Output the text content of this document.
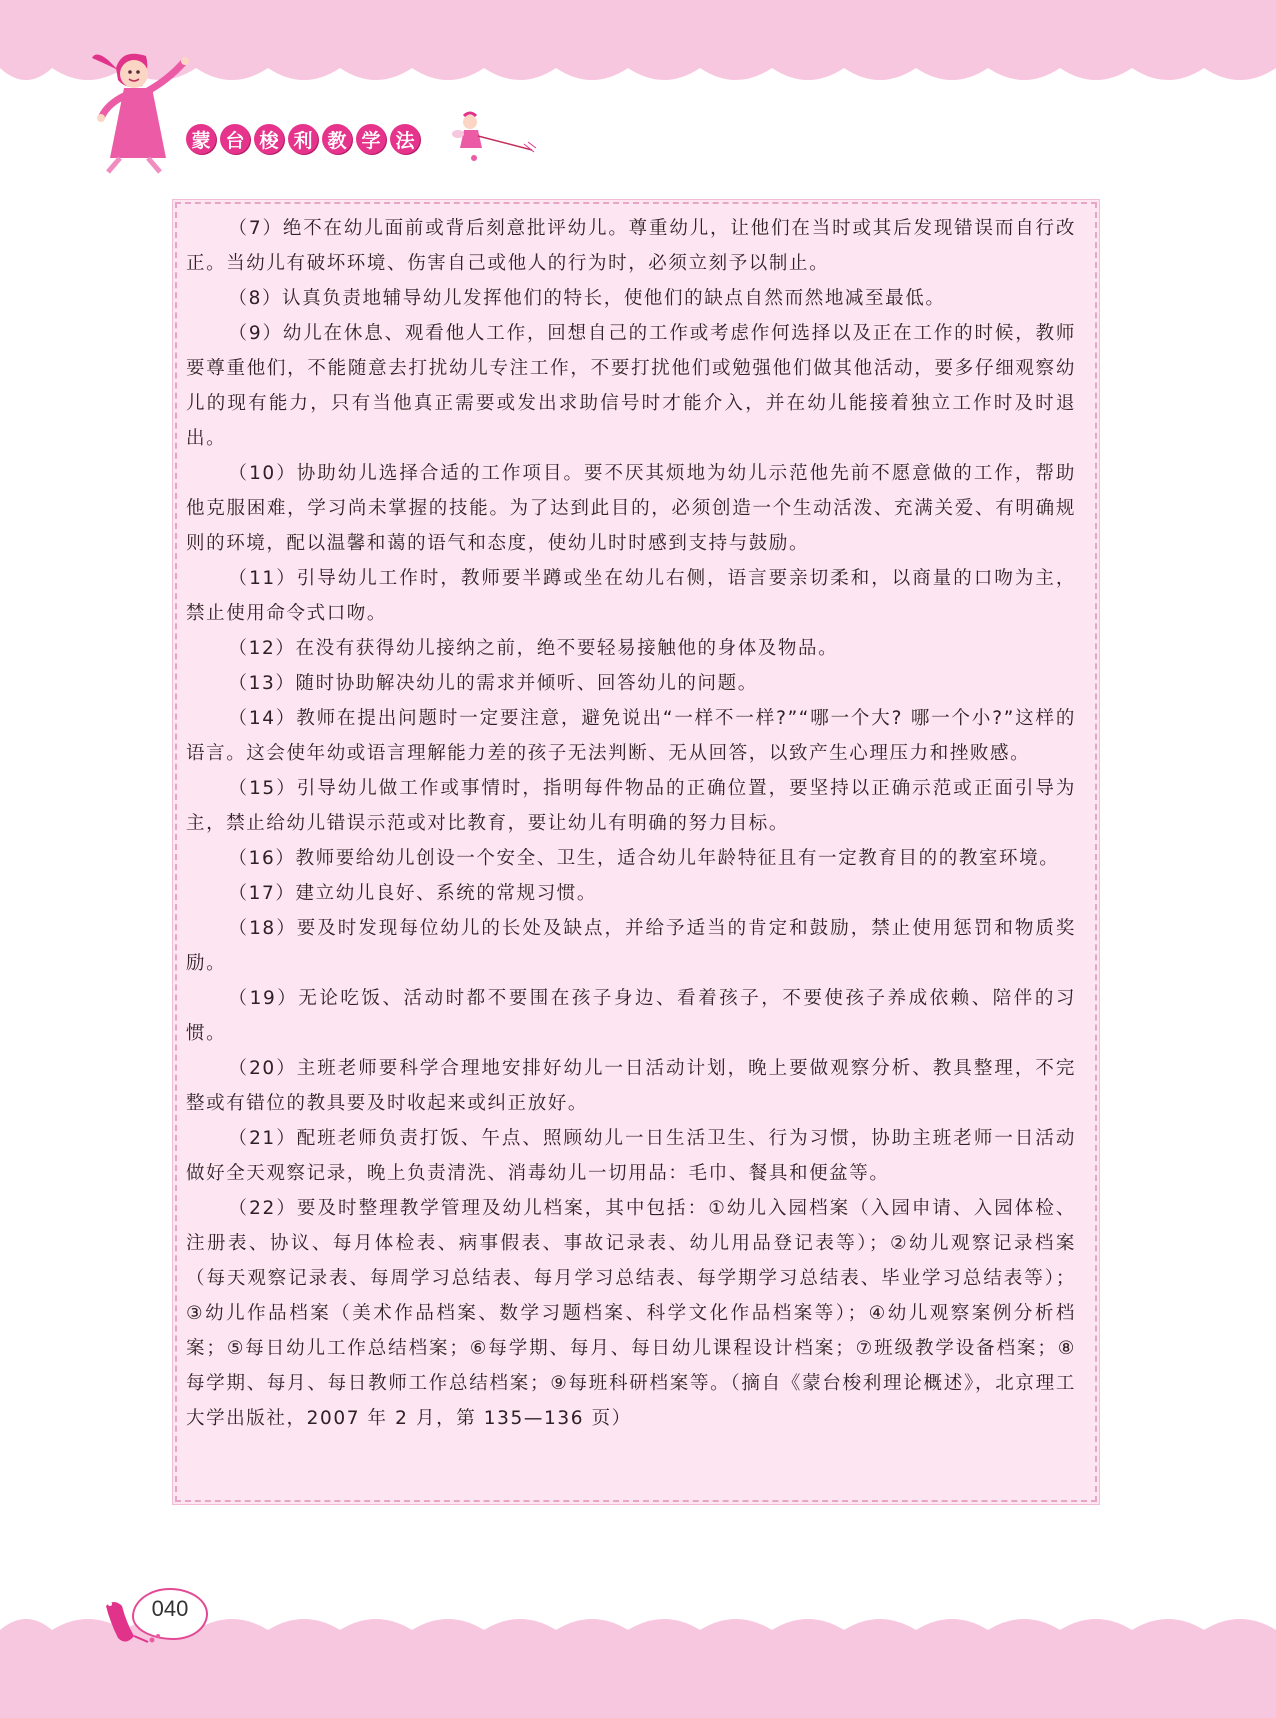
蒙 台 梭 利 教 学 法

（7）绝不在幼儿面前或背后刻意批评幼儿。尊重幼儿，让他们在当时或其后发现错误而自行改正。当幼儿有破坏环境、伤害自己或他人的行为时，必须立刻予以制止。

（8）认真负责地辅导幼儿发挥他们的特长，使他们的缺点自然而然地减至最低。

（9）幼儿在休息、观看他人工作，回想自己的工作或考虑作何选择以及正在工作的时候，教师要尊重他们，不能随意去打扰幼儿专注工作，不要打扰他们或勉强他们做其他活动，要多仔细观察幼儿的现有能力，只有当他真正需要或发出求助信号时才能介入，并在幼儿能接着独立工作时及时退出。

（10）协助幼儿选择合适的工作项目。要不厌其烦地为幼儿示范他先前不愿意做的工作，帮助他克服困难，学习尚未掌握的技能。为了达到此目的，必须创造一个生动活泼、充满关爱、有明确规则的环境，配以温馨和蔼的语气和态度，使幼儿时时感到支持与鼓励。

（11）引导幼儿工作时，教师要半蹲或坐在幼儿右侧，语言要亲切柔和，以商量的口吻为主，禁止使用命令式口吻。

（12）在没有获得幼儿接纳之前，绝不要轻易接触他的身体及物品。

（13）随时协助解决幼儿的需求并倾听、回答幼儿的问题。

（14）教师在提出问题时一定要注意，避免说出“一样不一样?”“哪一个大? 哪一个小?”这样的语言。这会使年幼或语言理解能力差的孩子无法判断、无从回答，以致产生心理压力和挫败感。

（15）引导幼儿做工作或事情时，指明每件物品的正确位置，要坚持以正确示范或正面引导为主，禁止给幼儿错误示范或对比教育，要让幼儿有明确的努力目标。

（16）教师要给幼儿创设一个安全、卫生，适合幼儿年龄特征且有一定教育目的的教室环境。

（17）建立幼儿良好、系统的常规习惯。

（18）要及时发现每位幼儿的长处及缺点，并给予适当的肯定和鼓励，禁止使用惩罚和物质奖励。

（19）无论吃饭、活动时都不要围在孩子身边、看着孩子，不要使孩子养成依赖、陪伴的习惯。

（20）主班老师要科学合理地安排好幼儿一日活动计划，晚上要做观察分析、教具整理，不完整或有错位的教具要及时收起来或纠正放好。

（21）配班老师负责打饭、午点、照顾幼儿一日生活卫生、行为习惯，协助主班老师一日活动做好全天观察记录，晚上负责清洗、消毒幼儿一切用品：毛巾、餐具和便盆等。

（22）要及时整理教学管理及幼儿档案，其中包括：①幼儿入园档案（入园申请、入园体检、注册表、协议、每月体检表、病事假表、事故记录表、幼儿用品登记表等）；②幼儿观察记录档案（每天观察记录表、每周学习总结表、每月学习总结表、每学期学习总结表、毕业学习总结表等）；③幼儿作品档案（美术作品档案、数学习题档案、科学文化作品档案等）；④幼儿观察案例分析档案；⑤每日幼儿工作总结档案；⑥每学期、每月、每日幼儿课程设计档案；⑦班级教学设备档案；⑧每学期、每月、每日教师工作总结档案；⑨每班科研档案等。（摘自《蒙台梭利理论概述》，北京理工大学出版社，2007 年 2 月，第 135—136 页）

040
